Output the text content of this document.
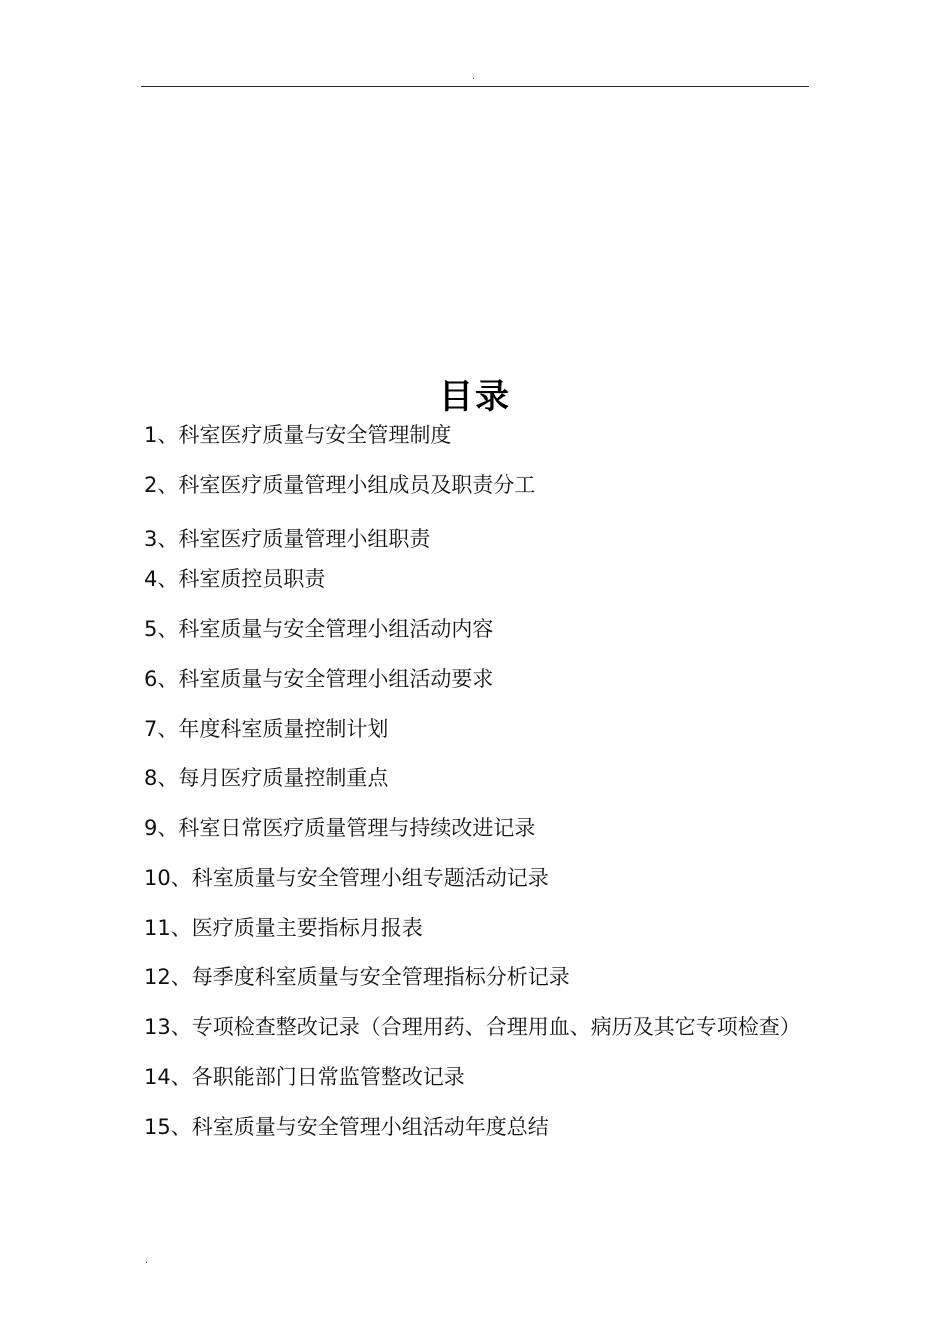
.
目录
1、科室医疗质量与安全管理制度
2、科室医疗质量管理小组成员及职责分工
3、科室医疗质量管理小组职责
4、科室质控员职责
5、科室质量与安全管理小组活动内容
6、科室质量与安全管理小组活动要求
7、年度科室质量控制计划
8、每月医疗质量控制重点
9、科室日常医疗质量管理与持续改进记录
10、科室质量与安全管理小组专题活动记录
11、医疗质量主要指标月报表
12、每季度科室质量与安全管理指标分析记录
13、专项检查整改记录（合理用药、合理用血、病历及其它专项检查）
14、各职能部门日常监管整改记录
15、科室质量与安全管理小组活动年度总结
.
